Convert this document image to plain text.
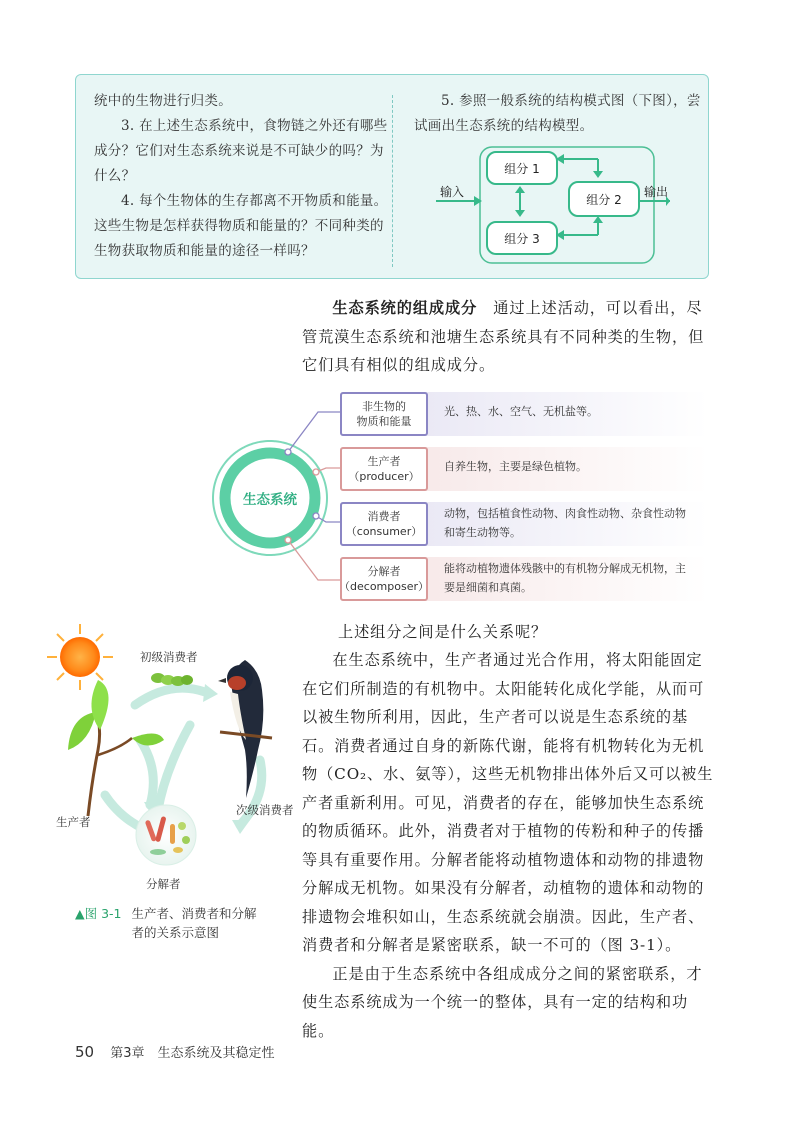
统中的生物进行归类。

3. 在上述生态系统中，食物链之外还有哪些成分？它们对生态系统来说是不可缺少的吗？为什么？

4. 每个生物体的生存都离不开物质和能量。这些生物是怎样获得物质和能量的？不同种类的生物获取物质和能量的途径一样吗？

5. 参照一般系统的结构模式图（下图），尝试画出生态系统的结构模型。

组分 1
组分 2
组分 3
输入	输出

生态系统的组成成分　 通过上述活动，可以看出，尽管荒漠生态系统和池塘生态系统具有不同种类的生物，但它们具有相似的组成成分。

生态系统
非生物的
物质和能量
生产者
（producer）
消费者
（consumer）
分解者
（decomposer）
光、热、水、空气、无机盐等。
自养生物，主要是绿色植物。
动物，包括植食性动物、肉食性动物、杂食性动物
和寄生动物等。
能将动植物遗体残骸中的有机物分解成无机物，主
要是细菌和真菌。
初级消费者
次级消费者
生产者
分解者
▲图 3-1 生产者、消费者和分解者的关系示意图

上述组分之间是什么关系呢？

在生态系统中，生产者通过光合作用，将太阳能固定在它们所制造的有机物中。太阳能转化成化学能，从而可以被生物所利用，因此，生产者可以说是生态系统的基石。消费者通过自身的新陈代谢，能将有机物转化为无机物（CO₂、水、氨等），这些无机物排出体外后又可以被生产者重新利用。可见，消费者的存在，能够加快生态系统的物质循环。此外，消费者对于植物的传粉和种子的传播等具有重要作用。分解者能将动植物遗体和动物的排遗物分解成无机物。如果没有分解者，动植物的遗体和动物的排遗物会堆积如山，生态系统就会崩溃。因此，生产者、消费者和分解者是紧密联系，缺一不可的（图 3-1）。

正是由于生态系统中各组成成分之间的紧密联系，才使生态系统成为一个统一的整体，具有一定的结构和功能。

50 第3章　生态系统及其稳定性
